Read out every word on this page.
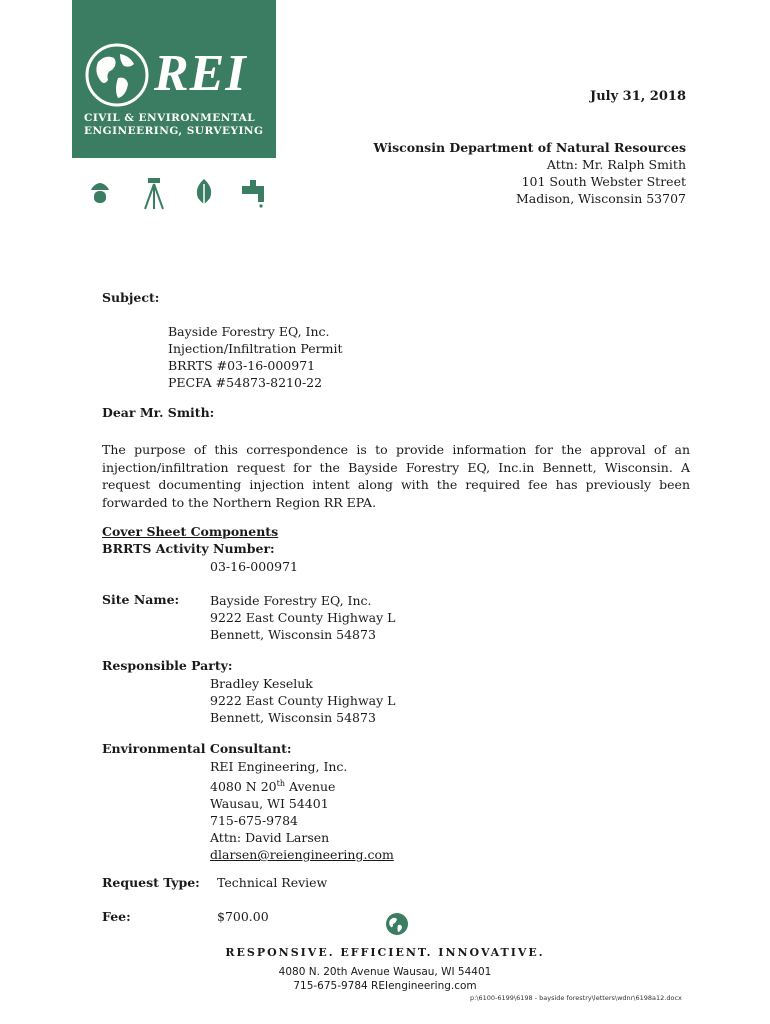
REI
CIVIL & ENVIRONMENTAL
ENGINEERING, SURVEYING
July 31, 2018
Wisconsin Department of Natural Resources
Attn: Mr. Ralph Smith
101 South Webster Street
Madison, Wisconsin 53707
Subject:
Bayside Forestry EQ, Inc.
Injection/Infiltration Permit
BRRTS #03-16-000971
PECFA #54873-8210-22
Dear Mr. Smith:
The purpose of this correspondence is to provide information for the approval of an injection/infiltration request for the Bayside Forestry EQ, Inc.in Bennett, Wisconsin. A request documenting injection intent along with the required fee has previously been forwarded to the Northern Region RR EPA.
Cover Sheet Components
BRRTS Activity Number:
03-16-000971
Site Name: Bayside Forestry EQ, Inc.
9222 East County Highway L
Bennett, Wisconsin 54873
Responsible Party:
Bradley Keseluk
9222 East County Highway L
Bennett, Wisconsin 54873
Environmental Consultant:
REI Engineering, Inc.
4080 N 20th Avenue
Wausau, WI 54401
715-675-9784
Attn: David Larsen
dlarsen@reiengineering.com
Request Type: Technical Review
Fee:	$700.00
RESPONSIVE. EFFICIENT. INNOVATIVE.
4080 N. 20th Avenue Wausau, WI 54401
715-675-9784 REIengineering.com
p:\6100-6199\6198 - bayside forestry\letters\wdnr\6198a12.docx
